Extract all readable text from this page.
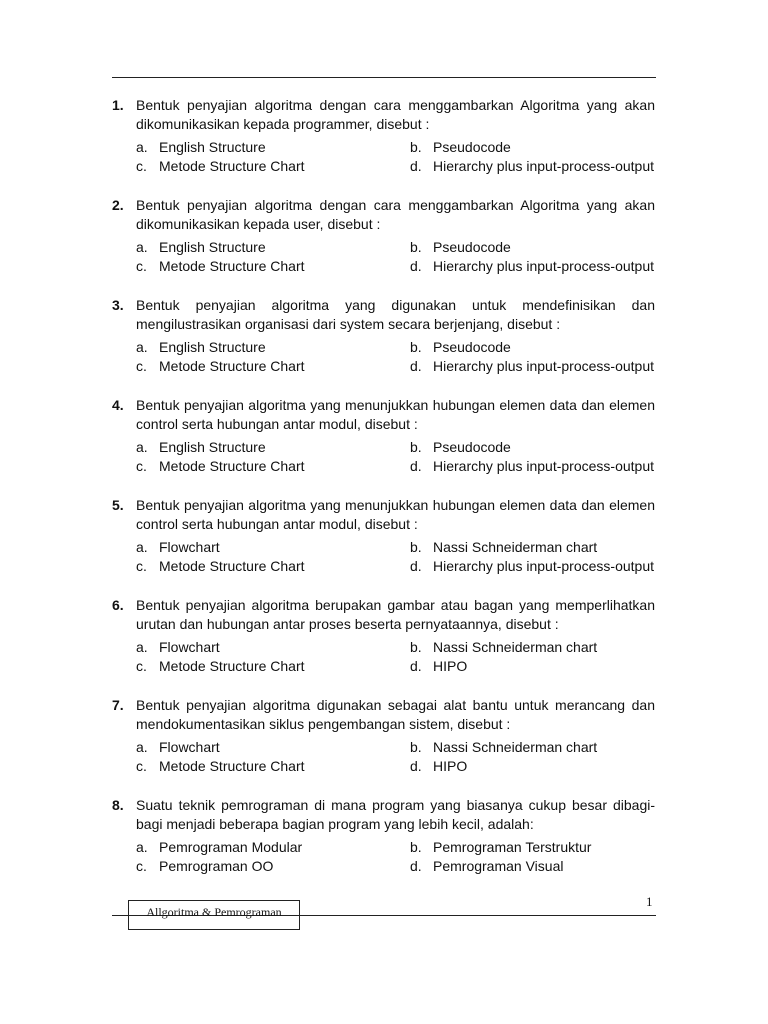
1. Bentuk penyajian algoritma dengan cara menggambarkan Algoritma yang akan dikomunikasikan kepada programmer, disebut :
a. English Structure	b. Pseudocode
c. Metode Structure Chart	d. Hierarchy plus input-process-output
2. Bentuk penyajian algoritma dengan cara menggambarkan Algoritma yang akan dikomunikasikan kepada user, disebut :
a. English Structure	b. Pseudocode
c. Metode Structure Chart	d. Hierarchy plus input-process-output
3. Bentuk penyajian algoritma yang digunakan untuk mendefinisikan dan mengilustrasikan organisasi dari system secara berjenjang, disebut :
a. English Structure	b. Pseudocode
c. Metode Structure Chart	d. Hierarchy plus input-process-output
4. Bentuk penyajian algoritma yang menunjukkan hubungan elemen data dan elemen control serta hubungan antar modul, disebut :
a. English Structure	b. Pseudocode
c. Metode Structure Chart	d. Hierarchy plus input-process-output
5. Bentuk penyajian algoritma yang menunjukkan hubungan elemen data dan elemen control serta hubungan antar modul, disebut :
a. Flowchart	b. Nassi Schneiderman chart
c. Metode Structure Chart	d. Hierarchy plus input-process-output
6. Bentuk penyajian algoritma berupakan gambar atau bagan yang memperlihatkan urutan dan hubungan antar proses beserta pernyataannya, disebut :
a. Flowchart	b. Nassi Schneiderman chart
c. Metode Structure Chart	d. HIPO
7. Bentuk penyajian algoritma digunakan sebagai alat bantu untuk merancang dan mendokumentasikan siklus pengembangan sistem, disebut :
a. Flowchart	b. Nassi Schneiderman chart
c. Metode Structure Chart	d. HIPO
8. Suatu teknik pemrograman di mana program yang biasanya cukup besar dibagi-bagi menjadi beberapa bagian program yang lebih kecil, adalah:
a. Pemrograman Modular	b. Pemrograman Terstruktur
c. Pemrograman OO	d. Pemrograman Visual
1
Allgoritma & Pemrograman
